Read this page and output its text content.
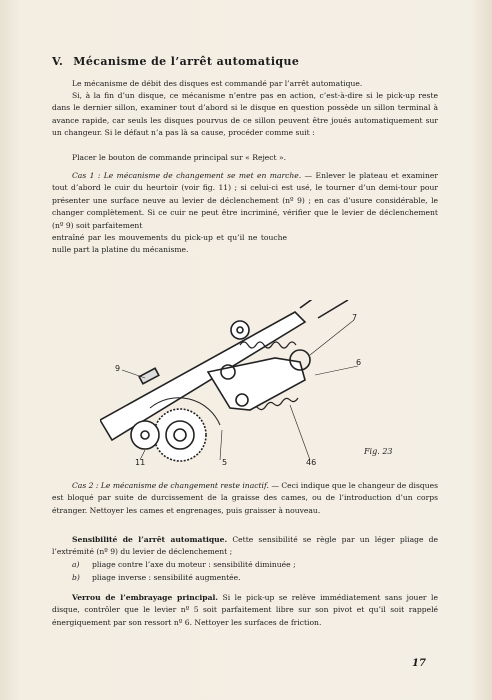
V. Mécanisme de l’arrêt automatique
Le mécanisme de débit des disques est commandé par l’arrêt automatique.
Si, à la fin d’un disque, ce mécanisme n’entre pas en action, c’est-à-dire si le pick-up reste dans le dernier sillon, examiner tout d’abord si le disque en question possède un sillon terminal à avance rapide, car seuls les disques pourvus de ce sillon peuvent être joués automatiquement sur un changeur. Si le défaut n’a pas là sa cause, procéder comme suit :
Placer le bouton de commande principal sur « Reject ».
Cas 1 : Le mécanisme de changement se met en marche. — Enlever le plateau et examiner tout d’abord le cuir du heurtoir (voir fig. 11) ; si celui-ci est usé, le tourner d’un demi-tour pour présenter une surface neuve au levier de déclenchement (nº 9) ; en cas d’usure considérable, le changer complètement. Si ce cuir ne peut être incriminé, vérifier que le levier de déclenchement (nº 9) soit parfaitement
entraîné par les mouvements du pick-up et qu’il ne touche nulle part la platine du mécanisme.
7
6
9
11	5	46
Fig. 23
Cas 2 : Le mécanisme de changement reste inactif. — Ceci indique que le changeur de disques est bloqué par suite de durcissement de la graisse des cames, ou de l’introduction d’un corps étranger. Nettoyer les cames et engrenages, puis graisser à nouveau.
Sensibilité de l’arrêt automatique. Cette sensibilité se règle par un léger pliage de l’extrémité (nº 9) du levier de déclenchement ;
a) pliage contre l’axe du moteur : sensibilité diminuée ;
b) pliage inverse : sensibilité augmentée.
Verrou de l’embrayage principal. Si le pick-up se relève immédiatement sans jouer le disque, contrôler que le levier nº 5 soit parfaitement libre sur son pivot et qu’il soit rappelé énergiquement par son ressort nº 6. Nettoyer les surfaces de friction.
17
